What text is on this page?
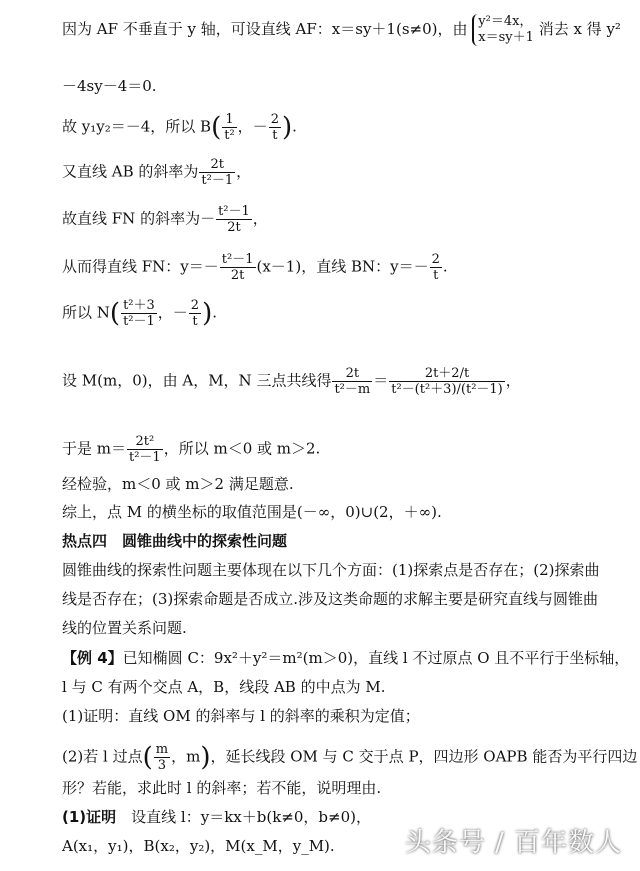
因为 AF 不垂直于 y 轴，可设直线 AF：x＝sy＋1(s≠0)，由 y²＝4x，
x＝sy＋1 消去 x 得 y²
－4sy－4＝0.
故 y₁y₂＝－4，所以 $B( \frac{1}{\text{t²}}$ ，－ $\frac{2}{t}$ ).
又直线 AB 的斜率为 $\frac{2t}{\text{t²－1}}$ ，
故直线 FN 的斜率为－ $\frac{\text{t²－1}}{2t}$ ，
从而得直线 FN：$y=- \frac{\text{t²－1}}{2t} (x-1)$，直线 BN：$y=- \frac{2}{t}$ .
所以 $N( \frac{\text{t²＋3}}{\text{t²－1}}$ ，－ $\frac{2}{t}$ ).
设 M(m，0)，由 A，M，N 三点共线得 $\frac{2t}{\text{t²－m}} = \frac{2t+2/t}{\text{t²－(t²＋3)/(t²－1)}}$ ，
于是 $m= \frac{\text{2t²}}{\text{t²－1}}$ ，所以 m＜0 或 m＞2.
经检验，m＜0 或 m＞2 满足题意.
综上，点 M 的横坐标的取值范围是(－∞，0)∪(2，＋∞).
热点四　圆锥曲线中的探索性问题
圆锥曲线的探索性问题主要体现在以下几个方面：(1)探索点是否存在；(2)探索曲
线是否存在；(3)探索命题是否成立.涉及这类命题的求解主要是研究直线与圆锥曲
线的位置关系问题.
【例 4】已知椭圆 C：9x²＋y²＝m²(m＞0)，直线 l 不过原点 O 且不平行于坐标轴，
l 与 C 有两个交点 A，B，线段 AB 的中点为 M.
(1)证明：直线 OM 的斜率与 l 的斜率的乘积为定值；
(2)若 l 过点( $\frac{m}{3}$ ，m)，延长线段 OM 与 C 交于点 P，四边形 OAPB 能否为平行四边
形？若能，求此时 l 的斜率；若不能，说明理由.
(1)证明　设直线 l：y＝kx＋b(k≠0，b≠0)，
A(x₁，y₁)，B(x₂，y₂)，M(x_M，y_M).	头条号 / 百年数人
